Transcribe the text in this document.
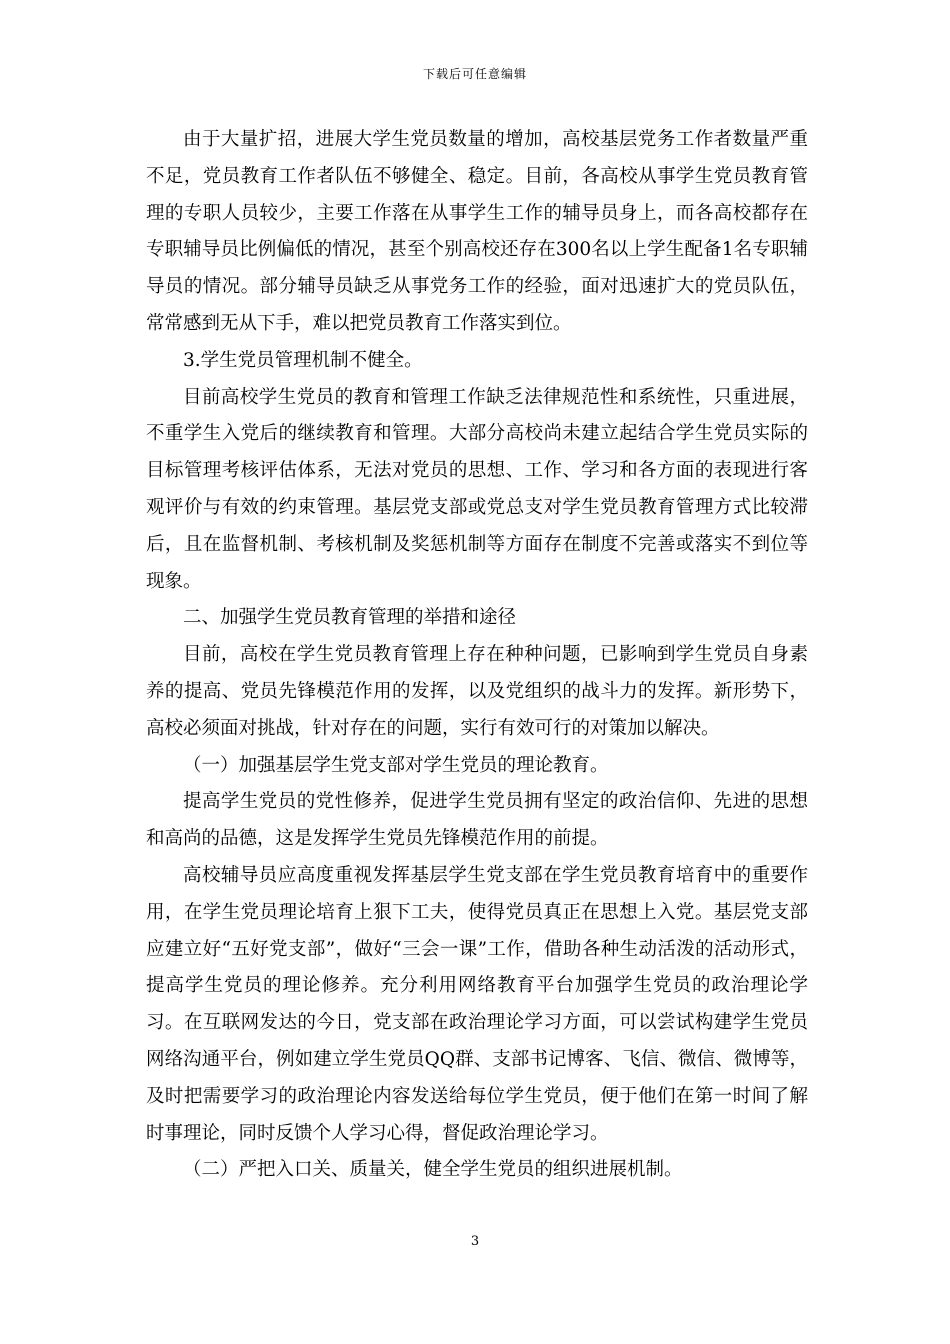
下载后可任意编辑

由于大量扩招，进展大学生党员数量的增加，高校基层党务工作者数量严重不足，党员教育工作者队伍不够健全、稳定。目前，各高校从事学生党员教育管理的专职人员较少，主要工作落在从事学生工作的辅导员身上，而各高校都存在专职辅导员比例偏低的情况，甚至个别高校还存在300名以上学生配备1名专职辅导员的情况。部分辅导员缺乏从事党务工作的经验，面对迅速扩大的党员队伍，常常感到无从下手，难以把党员教育工作落实到位。

3.学生党员管理机制不健全。

目前高校学生党员的教育和管理工作缺乏法律规范性和系统性，只重进展，不重学生入党后的继续教育和管理。大部分高校尚未建立起结合学生党员实际的目标管理考核评估体系，无法对党员的思想、工作、学习和各方面的表现进行客观评价与有效的约束管理。基层党支部或党总支对学生党员教育管理方式比较滞后，且在监督机制、考核机制及奖惩机制等方面存在制度不完善或落实不到位等现象。

二、加强学生党员教育管理的举措和途径

目前，高校在学生党员教育管理上存在种种问题，已影响到学生党员自身素养的提高、党员先锋模范作用的发挥，以及党组织的战斗力的发挥。新形势下，高校必须面对挑战，针对存在的问题，实行有效可行的对策加以解决。

（一）加强基层学生党支部对学生党员的理论教育。

提高学生党员的党性修养，促进学生党员拥有坚定的政治信仰、先进的思想和高尚的品德，这是发挥学生党员先锋模范作用的前提。

高校辅导员应高度重视发挥基层学生党支部在学生党员教育培育中的重要作用，在学生党员理论培育上狠下工夫，使得党员真正在思想上入党。基层党支部应建立好“五好党支部”，做好“三会一课”工作，借助各种生动活泼的活动形式，提高学生党员的理论修养。充分利用网络教育平台加强学生党员的政治理论学习。在互联网发达的今日，党支部在政治理论学习方面，可以尝试构建学生党员网络沟通平台，例如建立学生党员QQ群、支部书记博客、飞信、微信、微博等，及时把需要学习的政治理论内容发送给每位学生党员，便于他们在第一时间了解时事理论，同时反馈个人学习心得，督促政治理论学习。

（二）严把入口关、质量关，健全学生党员的组织进展机制。

3
